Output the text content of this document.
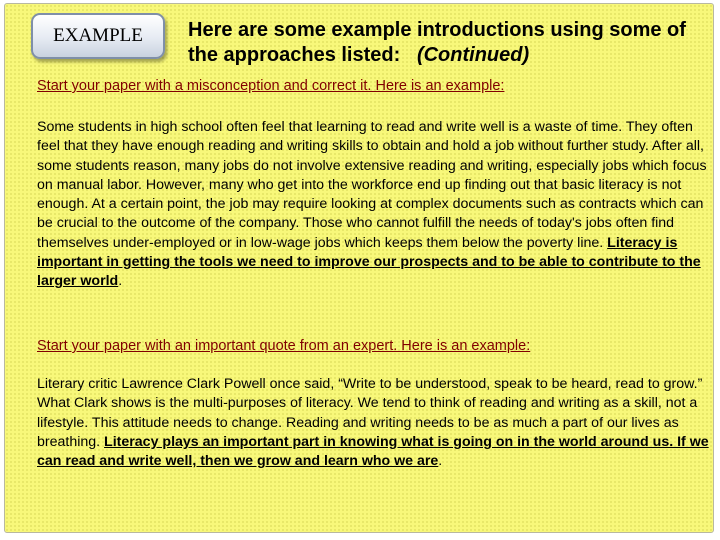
EXAMPLE Here are some example introductions using some of the approaches listed: (Continued)
Start your paper with a misconception and correct it. Here is an example:
Some students in high school often feel that learning to read and write well is a waste of time. They often feel that they have enough reading and writing skills to obtain and hold a job without further study. After all, some students reason, many jobs do not involve extensive reading and writing, especially jobs which focus on manual labor. However, many who get into the workforce end up finding out that basic literacy is not enough. At a certain point, the job may require looking at complex documents such as contracts which can be crucial to the outcome of the company. Those who cannot fulfill the needs of today's jobs often find themselves under-employed or in low-wage jobs which keeps them below the poverty line. Literacy is important in getting the tools we need to improve our prospects and to be able to contribute to the larger world.
Start your paper with an important quote from an expert. Here is an example:
Literary critic Lawrence Clark Powell once said, “Write to be understood, speak to be heard, read to grow.” What Clark shows is the multi-purposes of literacy. We tend to think of reading and writing as a skill, not a lifestyle. This attitude needs to change. Reading and writing needs to be as much a part of our lives as breathing. Literacy plays an important part in knowing what is going on in the world around us. If we can read and write well, then we grow and learn who we are.
